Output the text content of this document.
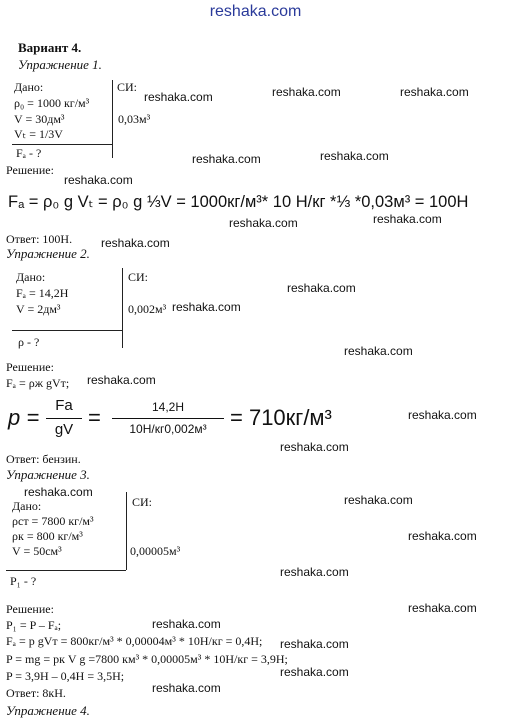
reshaka.com
Вариант 4.
Упражнение 1.
Дано:	СИ:
ρ₀ = 1000 кг/м³
V = 30дм³	0,03м³
Vₜ = 1/3V
Fₐ - ?
Решение:
Fₐ = ρ₀ g Vₜ = ρ₀ g ⅓V = 1000кг/м³* 10 Н/кг *⅓ *0,03м³ = 100Н
Ответ: 100Н.
Упражнение 2.
Дано:	СИ:
Fₐ = 14,2Н
V = 2дм³	0,002м³
ρ - ?
Решение:
Fₐ = ρж gVт;
p =	Fa
gV =	14,2Н
10Н/кг0,002м³	= 710кг/м³
Ответ: бензин.
Упражнение 3.
Дано:	СИ:
ρст = 7800 кг/м³
ρк = 800 кг/м³
V = 50см³	0,00005м³
P₁ - ?
Решение:
P₁ = P – Fₐ;
Fₐ = p gVт = 800кг/м³ * 0,00004м³ * 10Н/кг = 0,4Н;
P = mg = pк V g =7800 км³ * 0,00005м³ * 10Н/кг = 3,9Н;
P = 3,9Н – 0,4Н = 3,5Н;
Ответ: 8кН.
Упражнение 4.
reshaka.com	reshaka.com	reshaka.com
reshaka.com	reshaka.com
reshaka.com
reshaka.com	reshaka.com
reshaka.com
reshaka.com
reshaka.com
reshaka.com
reshaka.com
reshaka.com
reshaka.com
reshaka.com
reshaka.com
reshaka.com
reshaka.com
reshaka.com
reshaka.com
reshaka.com
reshaka.com
reshaka.com
